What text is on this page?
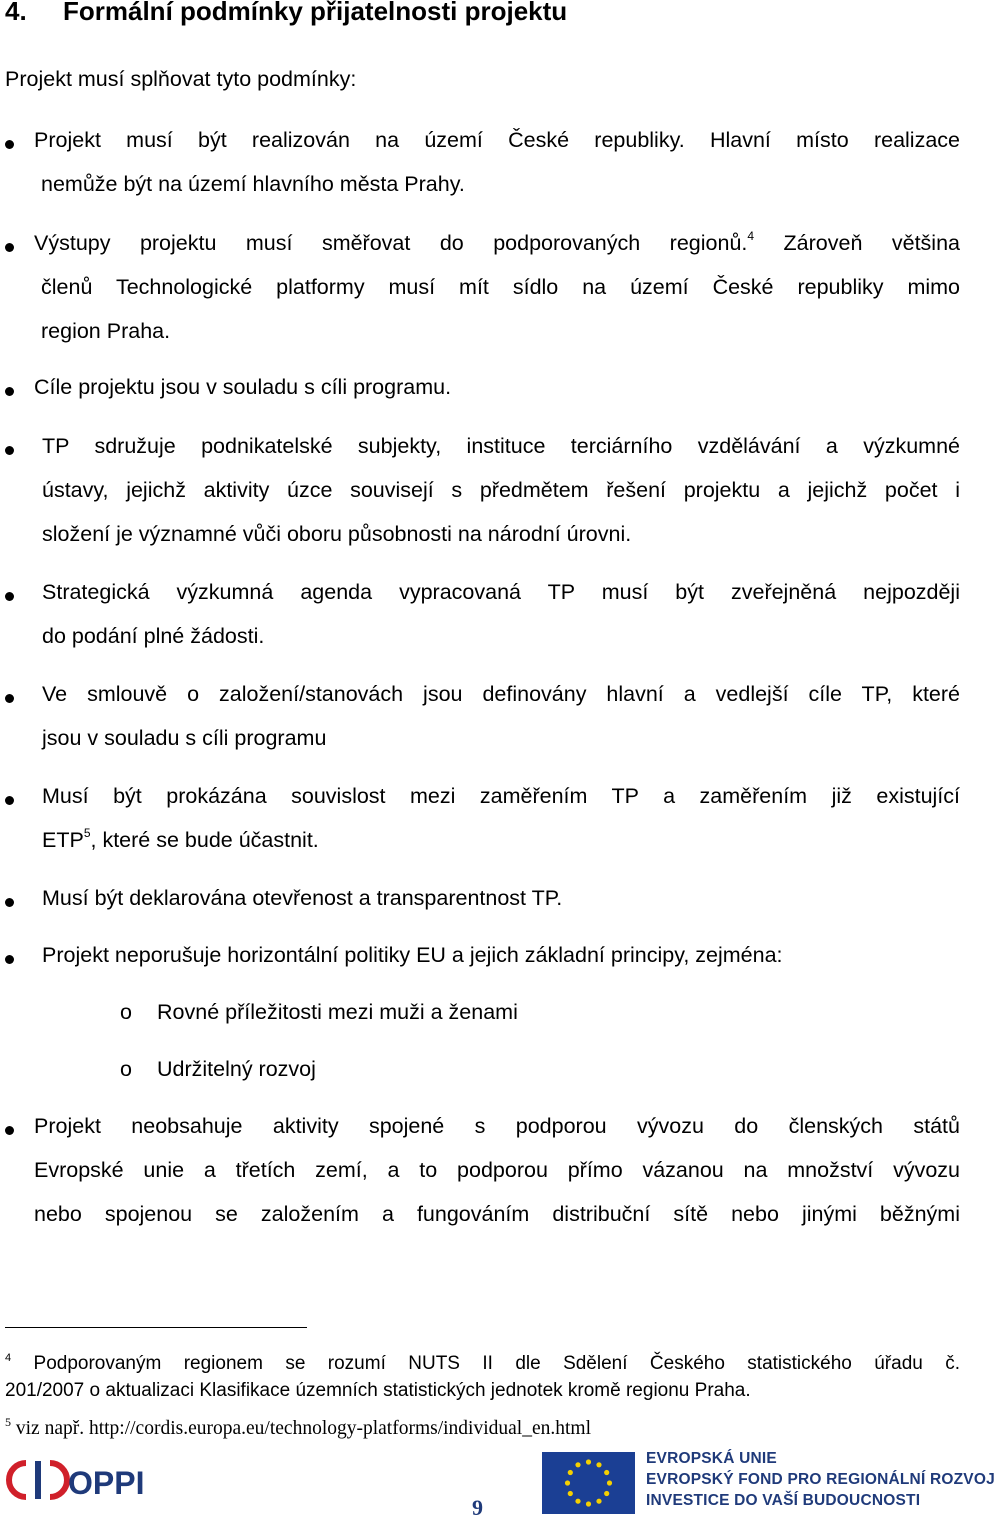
4. Formální podmínky přijatelnosti projektu

Projekt musí splňovat tyto podmínky:

Projekt musí být realizován na území České republiky. Hlavní místo realizace
nemůže být na území hlavního města Prahy.
Výstupy projektu musí směřovat do podporovaných regionů.$^4$ Zároveň většina
členů Technologické platformy musí mít sídlo na území České republiky mimo
region Praha.
Cíle projektu jsou v souladu s cíli programu.
TP sdružuje podnikatelské subjekty, instituce terciárního vzdělávání a výzkumné
ústavy, jejichž aktivity úzce souvisejí s předmětem řešení projektu a jejichž počet i
složení je významné vůči oboru působnosti na národní úrovni.
Strategická výzkumná agenda vypracovaná TP musí být zveřejněná nejpozději
do podání plné žádosti.
Ve smlouvě o založení/stanovách jsou definovány hlavní a vedlejší cíle TP, které
jsou v souladu s cíli programu
Musí být prokázána souvislost mezi zaměřením TP a zaměřením již existující
ETP$^5$, které se bude účastnit.
Musí být deklarována otevřenost a transparentnost TP.
Projekt neporušuje horizontální politiky EU a jejich základní principy, zejména:
o Rovné příležitosti mezi muži a ženami
o Udržitelný rozvoj
Projekt neobsahuje aktivity spojené s podporou vývozu do členských států
Evropské unie a třetích zemí, a to podporou přímo vázanou na množství vývozu
nebo spojenou se založením a fungováním distribuční sítě nebo jinými běžnými

$^4$ Podporovaným regionem se rozumí NUTS II dle Sdělení Českého statistického úřadu č.
201/2007 o aktualizaci Klasifikace územních statistických jednotek kromě regionu Praha.

$^5$ viz např. http://cordis.europa.eu/technology-platforms/individual_en.html
OPPI
9
EVROPSKÁ UNIE
EVROPSKÝ FOND PRO REGIONÁLNÍ ROZVOJ
INVESTICE DO VAŠÍ BUDOUCNOSTI
